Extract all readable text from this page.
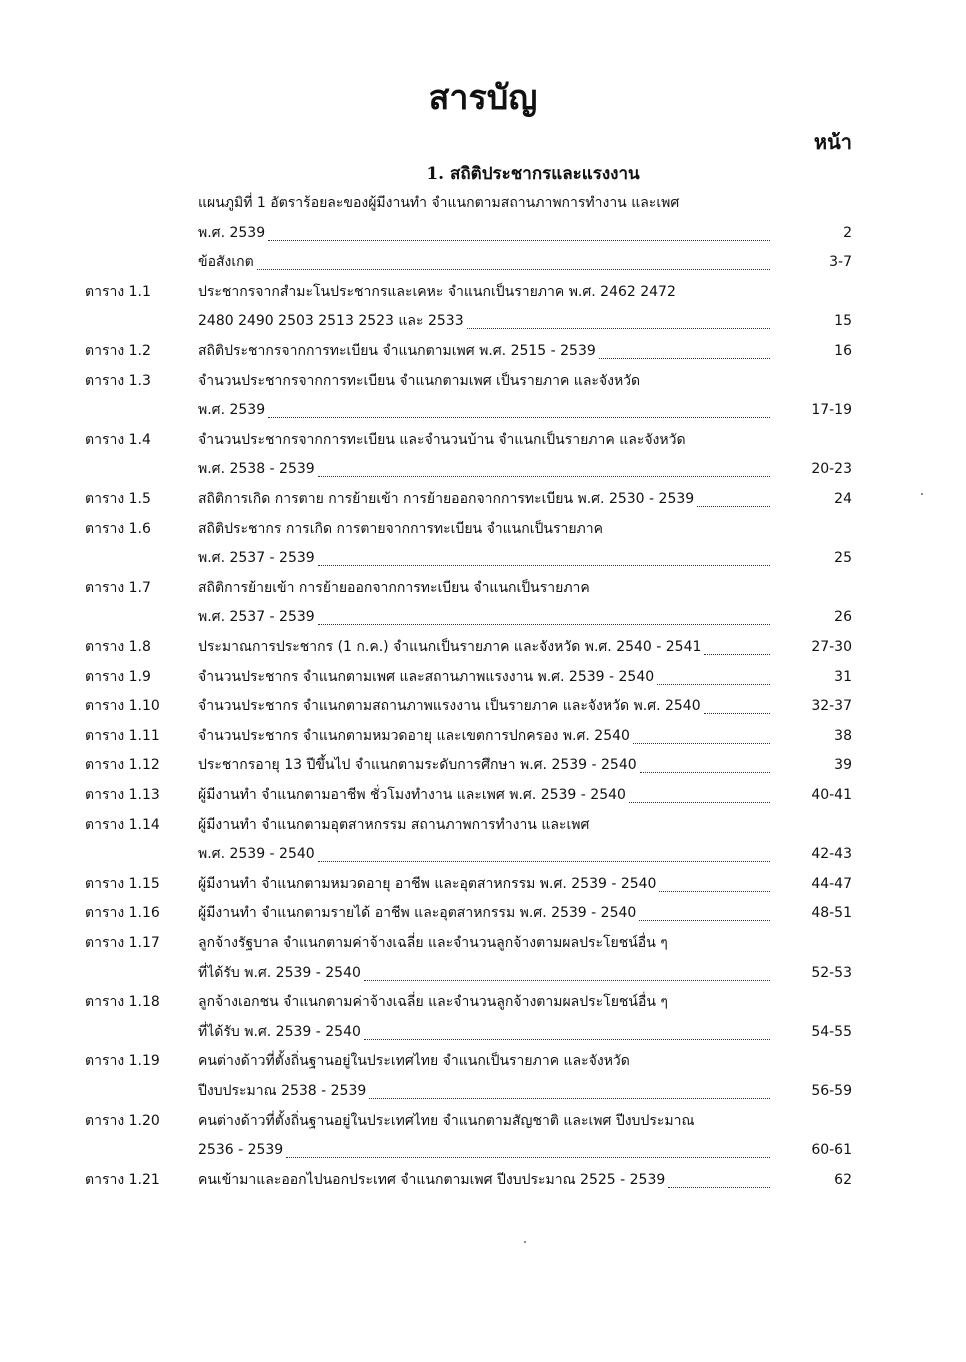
สารบัญ
หน้า
1. สถิติประชากรและแรงงาน
แผนภูมิที่ 1 อัตราร้อยละของผู้มีงานทำ จำแนกตามสถานภาพการทำงาน และเพศ
พ.ศ. 2539	2
ข้อสังเกต	3-7
ตาราง 1.1	ประชากรจากสำมะโนประชากรและเคหะ จำแนกเป็นรายภาค พ.ศ. 2462 2472
2480 2490 2503 2513 2523 และ 2533	15
ตาราง 1.2	สถิติประชากรจากการทะเบียน จำแนกตามเพศ พ.ศ. 2515 - 2539	16
ตาราง 1.3	จำนวนประชากรจากการทะเบียน จำแนกตามเพศ เป็นรายภาค และจังหวัด
พ.ศ. 2539	17-19
ตาราง 1.4	จำนวนประชากรจากการทะเบียน และจำนวนบ้าน จำแนกเป็นรายภาค และจังหวัด
พ.ศ. 2538 - 2539	20-23
ตาราง 1.5	สถิติการเกิด การตาย การย้ายเข้า การย้ายออกจากการทะเบียน พ.ศ. 2530 - 2539	24
ตาราง 1.6	สถิติประชากร การเกิด การตายจากการทะเบียน จำแนกเป็นรายภาค
พ.ศ. 2537 - 2539	25
ตาราง 1.7	สถิติการย้ายเข้า การย้ายออกจากการทะเบียน จำแนกเป็นรายภาค
พ.ศ. 2537 - 2539	26
ตาราง 1.8	ประมาณการประชากร (1 ก.ค.) จำแนกเป็นรายภาค และจังหวัด พ.ศ. 2540 - 2541	27-30
ตาราง 1.9	จำนวนประชากร จำแนกตามเพศ และสถานภาพแรงงาน พ.ศ. 2539 - 2540	31
ตาราง 1.10	จำนวนประชากร จำแนกตามสถานภาพแรงงาน เป็นรายภาค และจังหวัด พ.ศ. 2540	32-37
ตาราง 1.11	จำนวนประชากร จำแนกตามหมวดอายุ และเขตการปกครอง พ.ศ. 2540	38
ตาราง 1.12	ประชากรอายุ 13 ปีขึ้นไป จำแนกตามระดับการศึกษา พ.ศ. 2539 - 2540	39
ตาราง 1.13	ผู้มีงานทำ จำแนกตามอาชีพ ชั่วโมงทำงาน และเพศ พ.ศ. 2539 - 2540	40-41
ตาราง 1.14	ผู้มีงานทำ จำแนกตามอุตสาหกรรม สถานภาพการทำงาน และเพศ
พ.ศ. 2539 - 2540	42-43
ตาราง 1.15	ผู้มีงานทำ จำแนกตามหมวดอายุ อาชีพ และอุตสาหกรรม พ.ศ. 2539 - 2540	44-47
ตาราง 1.16	ผู้มีงานทำ จำแนกตามรายได้ อาชีพ และอุตสาหกรรม พ.ศ. 2539 - 2540	48-51
ตาราง 1.17	ลูกจ้างรัฐบาล จำแนกตามค่าจ้างเฉลี่ย และจำนวนลูกจ้างตามผลประโยชน์อื่น ๆ
ที่ได้รับ พ.ศ. 2539 - 2540	52-53
ตาราง 1.18	ลูกจ้างเอกชน จำแนกตามค่าจ้างเฉลี่ย และจำนวนลูกจ้างตามผลประโยชน์อื่น ๆ
ที่ได้รับ พ.ศ. 2539 - 2540	54-55
ตาราง 1.19	คนต่างด้าวที่ตั้งถิ่นฐานอยู่ในประเทศไทย จำแนกเป็นรายภาค และจังหวัด
ปีงบประมาณ 2538 - 2539	56-59
ตาราง 1.20	คนต่างด้าวที่ตั้งถิ่นฐานอยู่ในประเทศไทย จำแนกตามสัญชาติ และเพศ ปีงบประมาณ
2536 - 2539	60-61
ตาราง 1.21	คนเข้ามาและออกไปนอกประเทศ จำแนกตามเพศ ปีงบประมาณ 2525 - 2539	62
